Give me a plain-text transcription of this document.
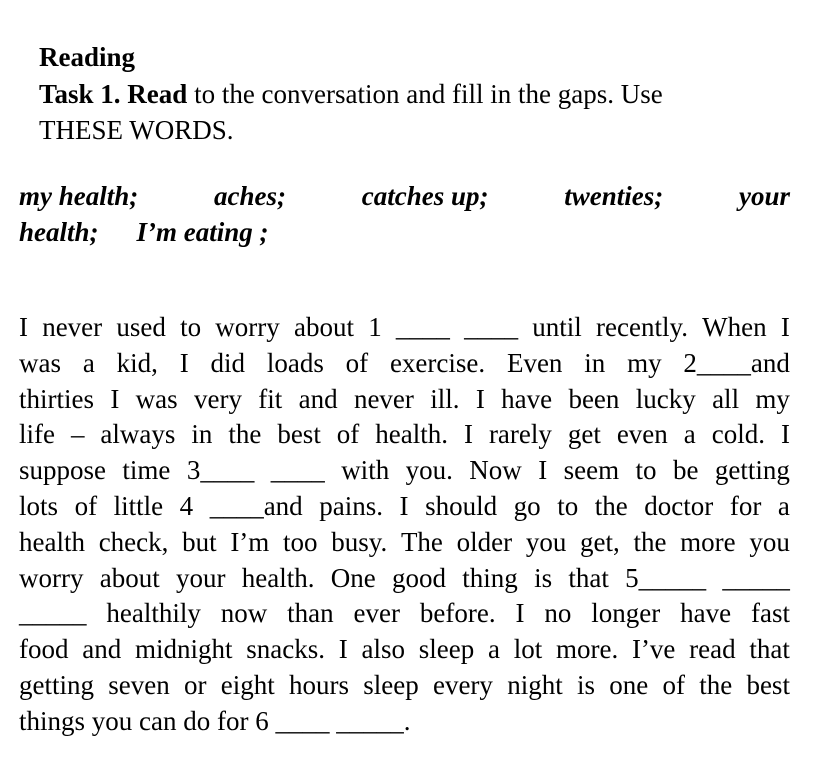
Reading
Task 1. Read to the conversation and fill in the gaps. Use
THESE WORDS.
my health;	aches;	catches up;	twenties;	your
health; I’m eating ;
I never used to worry about 1 ____ ____ until recently. When I
was a kid, I did loads of exercise. Even in my 2____and
thirties I was very fit and never ill. I have been lucky all my
life – always in the best of health. I rarely get even a cold. I
suppose time 3____ ____ with you. Now I seem to be getting
lots of little 4 ____and pains. I should go to the doctor for a
health check, but I’m too busy. The older you get, the more you
worry about your health. One good thing is that 5_____ _____
_____ healthily now than ever before. I no longer have fast
food and midnight snacks. I also sleep a lot more. I’ve read that
getting seven or eight hours sleep every night is one of the best
things you can do for 6 ____ _____.
